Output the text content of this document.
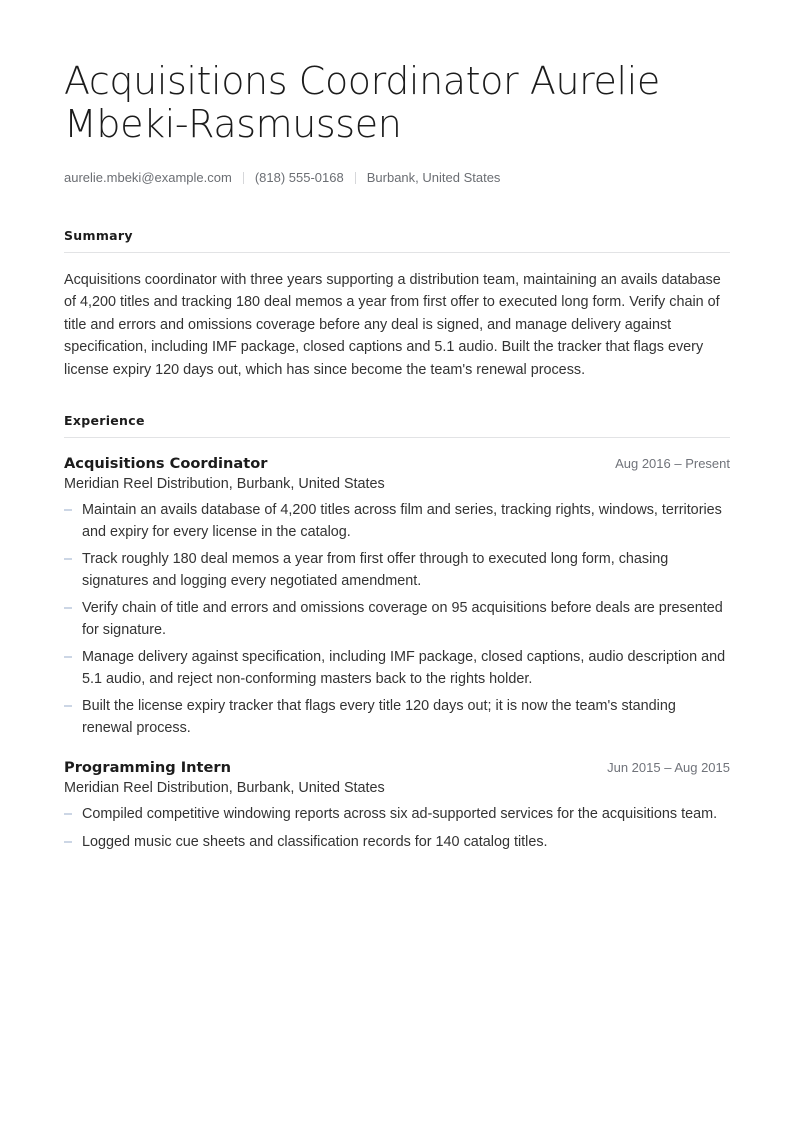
Acquisitions Coordinator Aurelie Mbeki-Rasmussen
aurelie.mbeki@example.com (818) 555-0168 Burbank, United States
Summary

Acquisitions coordinator with three years supporting a distribution team, maintaining an avails database of 4,200 titles and tracking 180 deal memos a year from first offer to executed long form. Verify chain of title and errors and omissions coverage before any deal is signed, and manage delivery against specification, including IMF package, closed captions and 5.1 audio. Built the tracker that flags every license expiry 120 days out, which has since become the team's renewal process.

Experience
Acquisitions Coordinator	Aug 2016 – Present
Meridian Reel Distribution, Burbank, United States
– Maintain an avails database of 4,200 titles across film and series, tracking rights, windows, territories and expiry for every license in the catalog.
– Track roughly 180 deal memos a year from first offer through to executed long form, chasing signatures and logging every negotiated amendment.
– Verify chain of title and errors and omissions coverage on 95 acquisitions before deals are presented for signature.
– Manage delivery against specification, including IMF package, closed captions, audio description and 5.1 audio, and reject non-conforming masters back to the rights holder.
– Built the license expiry tracker that flags every title 120 days out; it is now the team's standing renewal process.
Programming Intern	Jun 2015 – Aug 2015
Meridian Reel Distribution, Burbank, United States
– Compiled competitive windowing reports across six ad-supported services for the acquisitions team.
– Logged music cue sheets and classification records for 140 catalog titles.
